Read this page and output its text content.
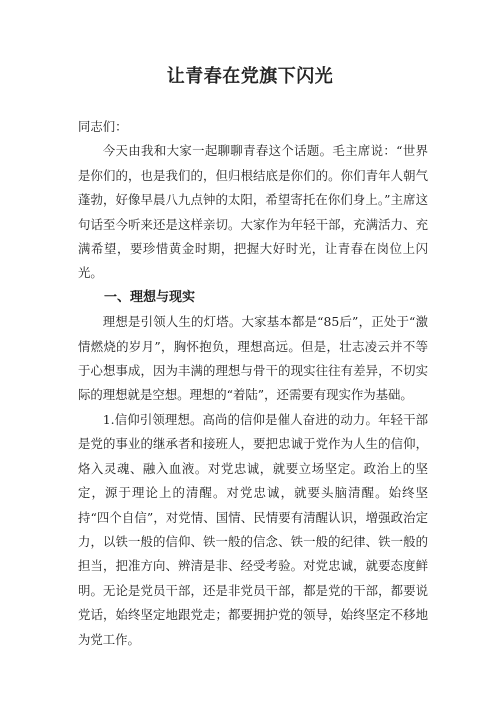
让青春在党旗下闪光

同志们：

今天由我和大家一起聊聊青春这个话题。毛主席说：“世界是你们的，也是我们的，但归根结底是你们的。你们青年人朝气蓬勃，好像早晨八九点钟的太阳，希望寄托在你们身上。”主席这句话至今听来还是这样亲切。大家作为年轻干部，充满活力、充满希望，要珍惜黄金时期，把握大好时光，让青春在岗位上闪光。

一、理想与现实

理想是引领人生的灯塔。大家基本都是“85后”，正处于“激情燃烧的岁月”，胸怀抱负，理想高远。但是，壮志凌云并不等于心想事成，因为丰满的理想与骨干的现实往往有差异，不切实际的理想就是空想。理想的“着陆”，还需要有现实作为基础。

1.信仰引领理想。高尚的信仰是催人奋进的动力。年轻干部是党的事业的继承者和接班人，要把忠诚于党作为人生的信仰，烙入灵魂、融入血液。对党忠诚，就要立场坚定。政治上的坚定，源于理论上的清醒。对党忠诚，就要头脑清醒。始终坚持“四个自信”，对党情、国情、民情要有清醒认识，增强政治定力，以铁一般的信仰、铁一般的信念、铁一般的纪律、铁一般的担当，把准方向、辨清是非、经受考验。对党忠诚，就要态度鲜明。无论是党员干部，还是非党员干部，都是党的干部，都要说党话，始终坚定地跟党走；都要拥护党的领导，始终坚定不移地为党工作。
